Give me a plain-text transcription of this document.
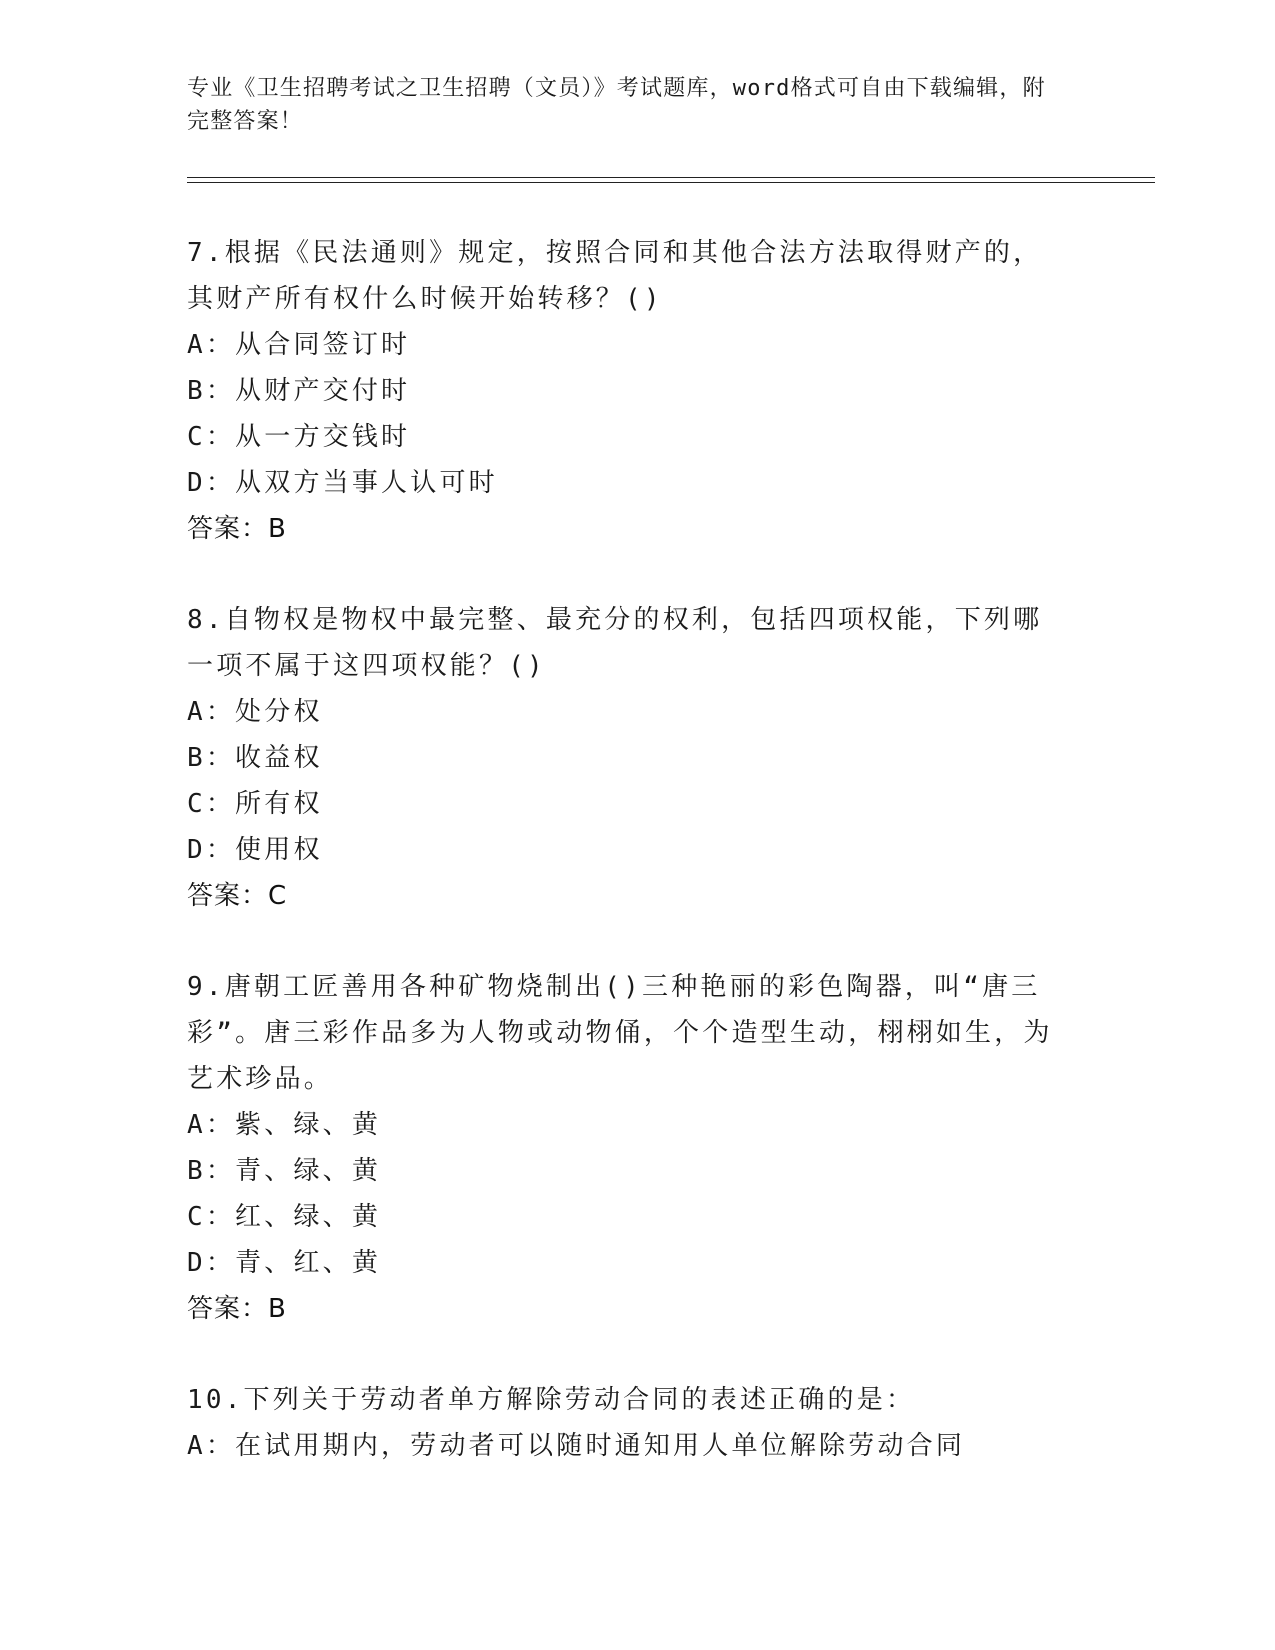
专业《卫生招聘考试之卫生招聘（文员）》考试题库，word格式可自由下载编辑，附完整答案！
7.根据《民法通则》规定，按照合同和其他合法方法取得财产的，其财产所有权什么时候开始转移？()
A：从合同签订时
B：从财产交付时
C：从一方交钱时
D：从双方当事人认可时
答案：B
8.自物权是物权中最完整、最充分的权利，包括四项权能，下列哪一项不属于这四项权能？()
A：处分权
B：收益权
C：所有权
D：使用权
答案：C
9.唐朝工匠善用各种矿物烧制出()三种艳丽的彩色陶器，叫“唐三彩”。唐三彩作品多为人物或动物俑，个个造型生动，栩栩如生，为艺术珍品。
A：紫、绿、黄
B：青、绿、黄
C：红、绿、黄
D：青、红、黄
答案：B
10.下列关于劳动者单方解除劳动合同的表述正确的是：
A：在试用期内，劳动者可以随时通知用人单位解除劳动合同
